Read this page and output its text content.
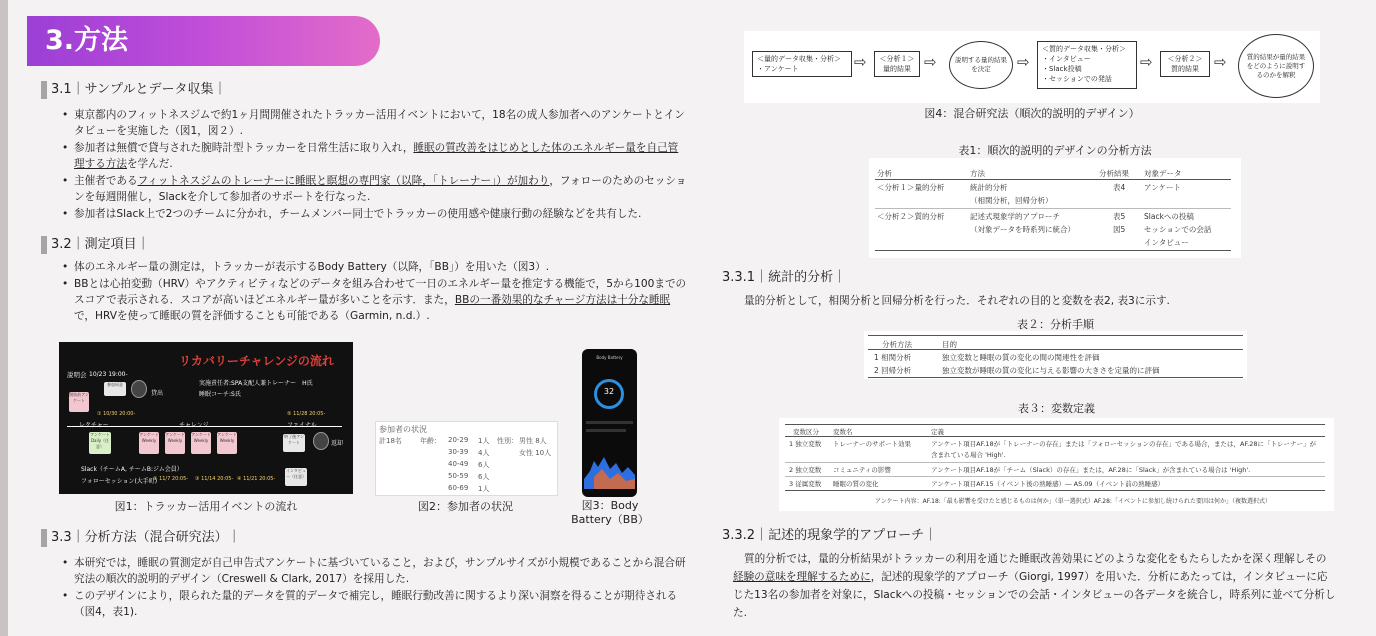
3.方法
3.1｜サンプルとデータ収集｜
• 東京都内のフィットネスジムで約1ヶ月間開催されたトラッカー活用イベントにおいて，18名の成人参加者へのアンケートとインタビューを実施した（図1，図２）.
• 参加者は無償で貸与された腕時計型トラッカーを日常生活に取り入れ，睡眠の質改善をはじめとした体のエネルギー量を自己管理する方法を学んだ.
• 主催者であるフィットネスジムのトレーナーに睡眠と瞑想の専門家（以降，「トレーナー」）が加わり，フォローのためのセッションを毎週開催し，Slackを介して参加者のサポートを行なった.
• 参加者はSlack上で2つのチームに分かれ，チームメンバー同士でトラッカーの使用感や健康行動の経験などを共有した.
3.2｜測定項目｜
• 体のエネルギー量の測定は，トラッカーが表示するBody Battery（以降，「BB」）を用いた（図3）.
• BBとは心拍変動（HRV）やアクティビティなどのデータを組み合わせて一日のエネルギー量を推定する機能で，5から100までのスコアで表示される．スコアが高いほどエネルギー量が多いことを示す．また，BBの一番効果的なチャージ方法は十分な睡眠で，HRVを使って睡眠の質を評価することも可能である（Garmin, n.d.）.
リカバリーチャレンジの流れ
説明会 10/23 19:00-
開始前アンケート
参加同意
貸出
実施責任者:SPA支配人兼トレーナー　H氏
睡眠コーチ:S氏
① 10/30 20:00-	⑤ 11/28 20:05-
アンケートDaily（任意）
アンケートWeekly
アンケートWeekly
アンケートWeekly
アンケートWeekly
終了後アンケート	返却
Slack（チームA, チームB:ジム会員）
フォローセッション(大手町)
② 11/7 20:05- ③ 11/14 20:05- ④ 11/21 20:05-
インタビュー（任意）
図1：トラッカー活用イベントの流れ
参加者の状況
計18名	年齢： 20-29 1人
30-39 4人
40-49 6人
50-59 6人
60-69 1人
性別： 男性 8人
女性 10人
図2：参加者の状況
Body Battery
32
図3：Body Battery（BB）
3.3｜分析方法（混合研究法）｜
• 本研究では，睡眠の質測定が自己申告式アンケートに基づいていること，および，サンプルサイズが小規模であることから混合研究法の順次的説明的デザイン（Creswell & Clark, 2017）を採用した.
• このデザインにより，限られた量的データを質的データで補完し，睡眠行動改善に関するより深い洞察を得ることが期待される（図4，表1).
＜量的データ収集・分析＞
・アンケート	⇨ ＜分析１＞
量的結果 ⇨	説明する量的結果を決定	⇨
＜質的データ収集・分析＞
・インタビュー
・Slack投稿
・セッションでの発話
⇨	＜分析２＞
質的結果	⇨	質的結果が量的結果をどのように説明するのかを解釈
図4：混合研究法（順次的説明的デザイン）
表1：順次的説明的デザインの分析方法
分析	方法	分析結果 対象データ
＜分析１＞量的分析	統計的分析	表4 アンケート
（相関分析，回帰分析）
＜分析２＞質的分析	記述式現象学的アプローチ	表5 Slackへの投稿
（対象データを時系列に統合）	図5 セッションでの会話
インタビュー
3.3.1｜統計的分析｜
量的分析として，相関分析と回帰分析を行った．それぞれの目的と変数を表2, 表3に示す.
表２：分析手順
分析方法	目的
1 相関分析	独立変数と睡眠の質の変化の間の関連性を評価
2 回帰分析	独立変数が睡眠の質の変化に与える影響の大きさを定量的に評価
表３：変数定義
変数区分 変数名	定義
1 独立変数 トレーナーのサポート効果	アンケート項目AF.18が「トレーナーの存在」または「フォローセッションの存在」である場合，または，AF.28に「トレーナー」が含まれている場合 'High'.
2 独立変数 コミュニティの影響	アンケート項目AF.18が「チーム（Slack）の存在」または，AF.28に「Slack」が含まれている場合は 'High'.
3 従属変数 睡眠の質の変化	アンケート項目AF.15（イベント後の熟睡感）― AS.09（イベント前の熟睡感）
アンケート内容：AF.18:「最も影響を受けたと感じるものは何か」（単一選択式）AF.28:「イベントに参加し続けられた要因は何か」（複数選択式）
3.3.2｜記述的現象学的アプローチ｜
質的分析では，量的分析結果がトラッカーの利用を通じた睡眠改善効果にどのような変化をもたらしたかを深く理解しその経験の意味を理解するために，記述的現象学的アプローチ（Giorgi, 1997）を用いた．分析にあたっては，インタビューに応じた13名の参加者を対象に，Slackへの投稿・セッションでの会話・インタビューの各データを統合し，時系列に並べて分析した.
